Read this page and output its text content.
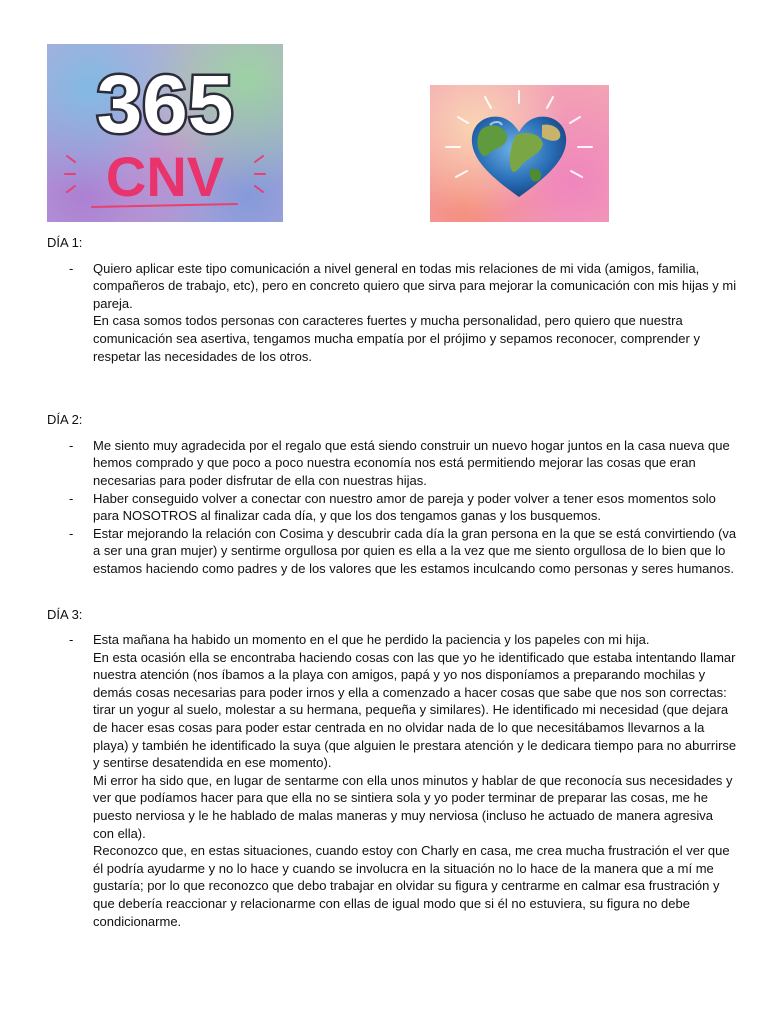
365
CNV

DÍA 1:

- Quiero aplicar este tipo comunicación a nivel general en todas mis relaciones de mi vida (amigos, familia, compañeros de trabajo, etc), pero en concreto quiero que sirva para mejorar la comunicación con mis hijas y mi pareja.

En casa somos todos personas con caracteres fuertes y mucha personalidad, pero quiero que nuestra comunicación sea asertiva, tengamos mucha empatía por el prójimo y sepamos reconocer, comprender y respetar las necesidades de los otros.

DÍA 2:

- Me siento muy agradecida por el regalo que está siendo construir un nuevo hogar juntos en la casa nueva que hemos comprado y que poco a poco nuestra economía nos está permitiendo mejorar las cosas que eran necesarias para poder disfrutar de ella con nuestras hijas.

- Haber conseguido volver a conectar con nuestro amor de pareja y poder volver a tener esos momentos solo para NOSOTROS al finalizar cada día, y que los dos tengamos ganas y los busquemos.

- Estar mejorando la relación con Cosima y descubrir cada día la gran persona en la que se está convirtiendo (va a ser una gran mujer) y sentirme orgullosa por quien es ella a la vez que me siento orgullosa de lo bien que lo estamos haciendo como padres y de los valores que les estamos inculcando como personas y seres humanos.

DÍA 3:

- Esta mañana ha habido un momento en el que he perdido la paciencia y los papeles con mi hija.

En esta ocasión ella se encontraba haciendo cosas con las que yo he identificado que estaba intentando llamar nuestra atención (nos íbamos a la playa con amigos, papá y yo nos disponíamos a preparando mochilas y demás cosas necesarias para poder irnos y ella a comenzado a hacer cosas que sabe que nos son correctas: tirar un yogur al suelo, molestar a su hermana, pequeña y similares). He identificado mi necesidad (que dejara de hacer esas cosas para poder estar centrada en no olvidar nada de lo que necesitábamos llevarnos a la playa) y también he identificado la suya (que alguien le prestara atención y le dedicara tiempo para no aburrirse y sentirse desatendida en ese momento).

Mi error ha sido que, en lugar de sentarme con ella unos minutos y hablar de que reconocía sus necesidades y ver que podíamos hacer para que ella no se sintiera sola y yo poder terminar de preparar las cosas, me he puesto nerviosa y le he hablado de malas maneras y muy nerviosa (incluso he actuado de manera agresiva con ella).

Reconozco que, en estas situaciones, cuando estoy con Charly en casa, me crea mucha frustración el ver que él podría ayudarme y no lo hace y cuando se involucra en la situación no lo hace de la manera que a mí me gustaría; por lo que reconozco que debo trabajar en olvidar su figura y centrarme en calmar esa frustración y que debería reaccionar y relacionarme con ellas de igual modo que si él no estuviera, su figura no debe condicionarme.
